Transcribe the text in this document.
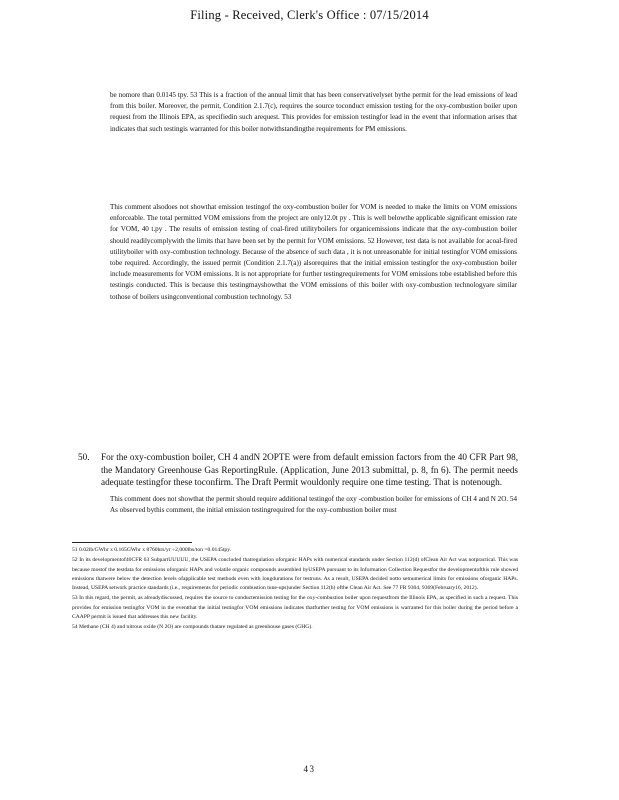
Filing - Received, Clerk's Office : 07/15/2014

be nomore than 0.0145 tpy. 53 This is a fraction of the annual limit that has been conservativelyset bythe permit for the lead emissions of lead from this boiler. Moreover, the permit, Condition 2.1.7(c), requires the source toconduct emission testing for the oxy-combustion boiler upon request from the Illinois EPA, as specifiedin such arequest. This provides for emission testingfor lead in the event that information arises that indicates that such testingis warranted for this boiler notwithstandingthe requirements for PM emissions.

This comment alsodoes not showthat emission testingof the oxy-combustion boiler for VOM is needed to make the limits on VOM emissions enforceable. The total permitted VOM emissions from the project are only12.0t py . This is well belowthe applicable significant emission rate for VOM, 40 t.py . The results of emission testing of coal-fired utilityboilers for organicemissions indicate that the oxy-combustion boiler should readilycomplywith the limits that have been set by the permit for VOM emissions. 52 However, test data is not available for acoal-fired utilityboiler with oxy-combustion technology. Because of the absence of such data , it is not unreasonable for initial testingfor VOM emissions tobe required. Accordingly, the issued permit (Condition 2.1.7(a)) alsorequires that the initial emission testingfor the oxy-combustion boiler include measurements for VOM emissions. It is not appropriate for further testingrequirements for VOM emissions tobe established before this testingis conducted. This is because this testingmayshowthat the VOM emissions of this boiler with oxy-combustion technologyare similar tothose of boilers usingconventional combustion technology. 53

50. For the oxy-combustion boiler, CH 4 andN 2OPTE were from default emission factors from the 40 CFR Part 98, the Mandatory Greenhouse Gas ReportingRule. (Application, June 2013 submittal, p. 8, fn 6). The permit needs adequate testingfor these toconfirm. The Draft Permit wouldonly require one time testing. That is notenough.

This comment does not showthat the permit should require additional testingof the oxy -combustion boiler for emissions of CH 4 and N 2O. 54 As observed bythis comment, the initial emission testingrequired for the oxy-combustion boiler must

51 0.02lb/GWhr x 0.165GWhr x 8760hrs/yr ÷2,000lbs/ton =0.0145tpy.

52 In its developmentof40CFR 63 SubpartUUUUU, the USEPA concluded thatregulation oforganic HAPs with numerical standards under Section 112(d) ofClean Air Act was notpractical. This was because mostof the testdata for emissions oforganic HAPs and volatile organic compounds assembled byUSEPA pursuant to its Information Collection Requestfor the developmentofthis rule showed emissions thatwere below the detection levels ofapplicable test methods even with longdurations for testruns. As a result, USEPA decided notto setnumerical limits for emissions oforganic HAPs. Instead, USEPA setwork practice standards (i.e., requirements for periodic combustion tune-ups)under Section 112(h) ofthe Clean Air Act. See 77 FR 9304, 9369(February16, 2012).

53 In this regard, the permit, as alreadydiscussed, requires the source to conductemission testing for the oxy-combustion boiler upon requestfrom the Illinois EPA, as specified in such a request. This provides for emission testingfor VOM in the eventthat the initial testingfor VOM emissions indicates thatfurther testing for VOM emissions is warranted for this boiler during the period before a CAAPP permit is issued that addresses this new facility.

54 Methane (CH 4) and nitrous oxide (N 2O) are compounds thatare regulated as greenhouse gases (GHG).

43
